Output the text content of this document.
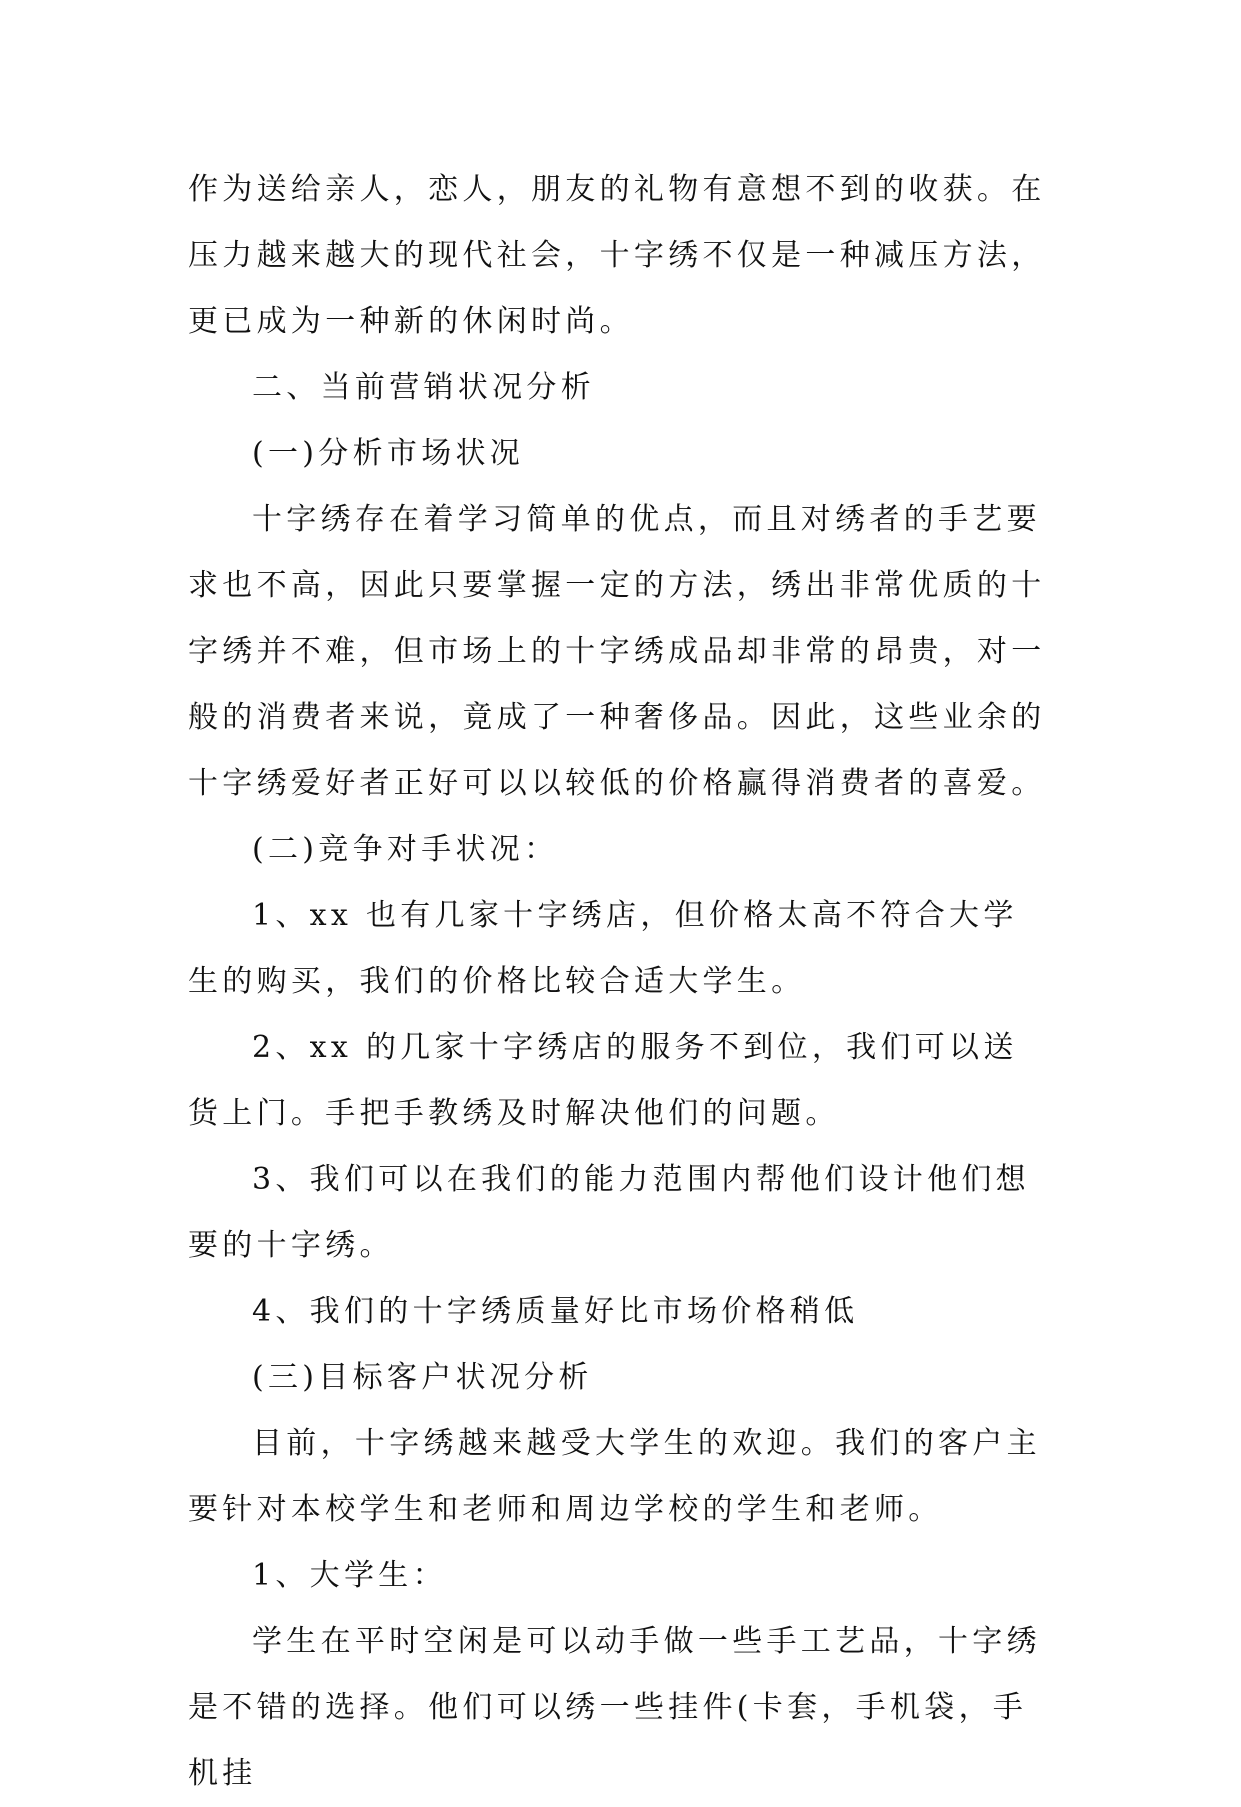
作为送给亲人，恋人，朋友的礼物有意想不到的收获。在压力越来越大的现代社会，十字绣不仅是一种减压方法，更已成为一种新的休闲时尚。

二、当前营销状况分析

(一)分析市场状况

十字绣存在着学习简单的优点，而且对绣者的手艺要求也不高，因此只要掌握一定的方法，绣出非常优质的十字绣并不难，但市场上的十字绣成品却非常的昂贵，对一般的消费者来说，竟成了一种奢侈品。因此，这些业余的十字绣爱好者正好可以以较低的价格赢得消费者的喜爱。

(二)竞争对手状况：

1、xx 也有几家十字绣店，但价格太高不符合大学生的购买，我们的价格比较合适大学生。

2、xx 的几家十字绣店的服务不到位，我们可以送货上门。手把手教绣及时解决他们的问题。

3、我们可以在我们的能力范围内帮他们设计他们想要的十字绣。

4、我们的十字绣质量好比市场价格稍低

(三)目标客户状况分析

目前，十字绣越来越受大学生的欢迎。我们的客户主要针对本校学生和老师和周边学校的学生和老师。

1、大学生：

学生在平时空闲是可以动手做一些手工艺品，十字绣是不错的选择。他们可以绣一些挂件(卡套，手机袋，手机挂
